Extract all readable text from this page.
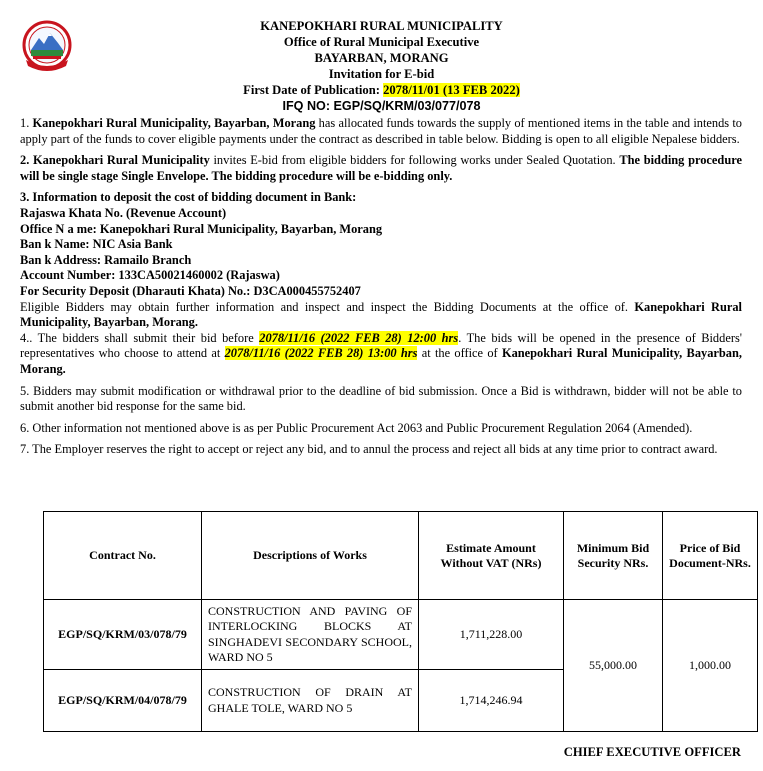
KANEPOKHARI RURAL MUNICIPALITY
Office of Rural Municipal Executive
BAYARBAN, MORANG
Invitation for E-bid
First Date of Publication: 2078/11/01 (13 FEB 2022)
IFQ NO: EGP/SQ/KRM/03/077/078

1. Kanepokhari Rural Municipality, Bayarban, Morang has allocated funds towards the supply of mentioned items in the table and intends to apply part of the funds to cover eligible payments under the contract as described in table below. Bidding is open to all eligible Nepalese bidders.

2. Kanepokhari Rural Municipality invites E-bid from eligible bidders for following works under Sealed Quotation. The bidding procedure will be single stage Single Envelope. The bidding procedure will be e-bidding only.

3. Information to deposit the cost of bidding document in Bank:

Rajaswa Khata No. (Revenue Account)

Office N a me: Kanepokhari Rural Municipality, Bayarban, Morang

Ban k Name: NIC Asia Bank

Ban k Address: Ramailo Branch

Account Number: 133CA50021460002 (Rajaswa)

For Security Deposit (Dharauti Khata) No.: D3CA000455752407

Eligible Bidders may obtain further information and inspect and inspect the Bidding Documents at the office of. Kanepokhari Rural Municipality, Bayarban, Morang.

4.. The bidders shall submit their bid before 2078/11/16 (2022 FEB 28) 12:00 hrs. The bids will be opened in the presence of Bidders' representatives who choose to attend at 2078/11/16 (2022 FEB 28) 13:00 hrs at the office of Kanepokhari Rural Municipality, Bayarban, Morang.

5. Bidders may submit modification or withdrawal prior to the deadline of bid submission. Once a Bid is withdrawn, bidder will not be able to submit another bid response for the same bid.

6. Other information not mentioned above is as per Public Procurement Act 2063 and Public Procurement Regulation 2064 (Amended).

7. The Employer reserves the right to accept or reject any bid, and to annul the process and reject all bids at any time prior to contract award.

Contract No.	Descriptions of Works	Estimate Amount Without VAT (NRs)	Minimum Bid Security NRs.	Price of Bid Document-NRs.
EGP/SQ/KRM/03/078/79	CONSTRUCTION AND PAVING OF INTERLOCKING BLOCKS AT SINGHADEVI SECONDARY SCHOOL, WARD NO 5	1,711,228.00	55,000.00	1,000.00
EGP/SQ/KRM/04/078/79	CONSTRUCTION OF DRAIN AT GHALE TOLE, WARD NO 5	1,714,246.94		
CHIEF EXECUTIVE OFFICER
